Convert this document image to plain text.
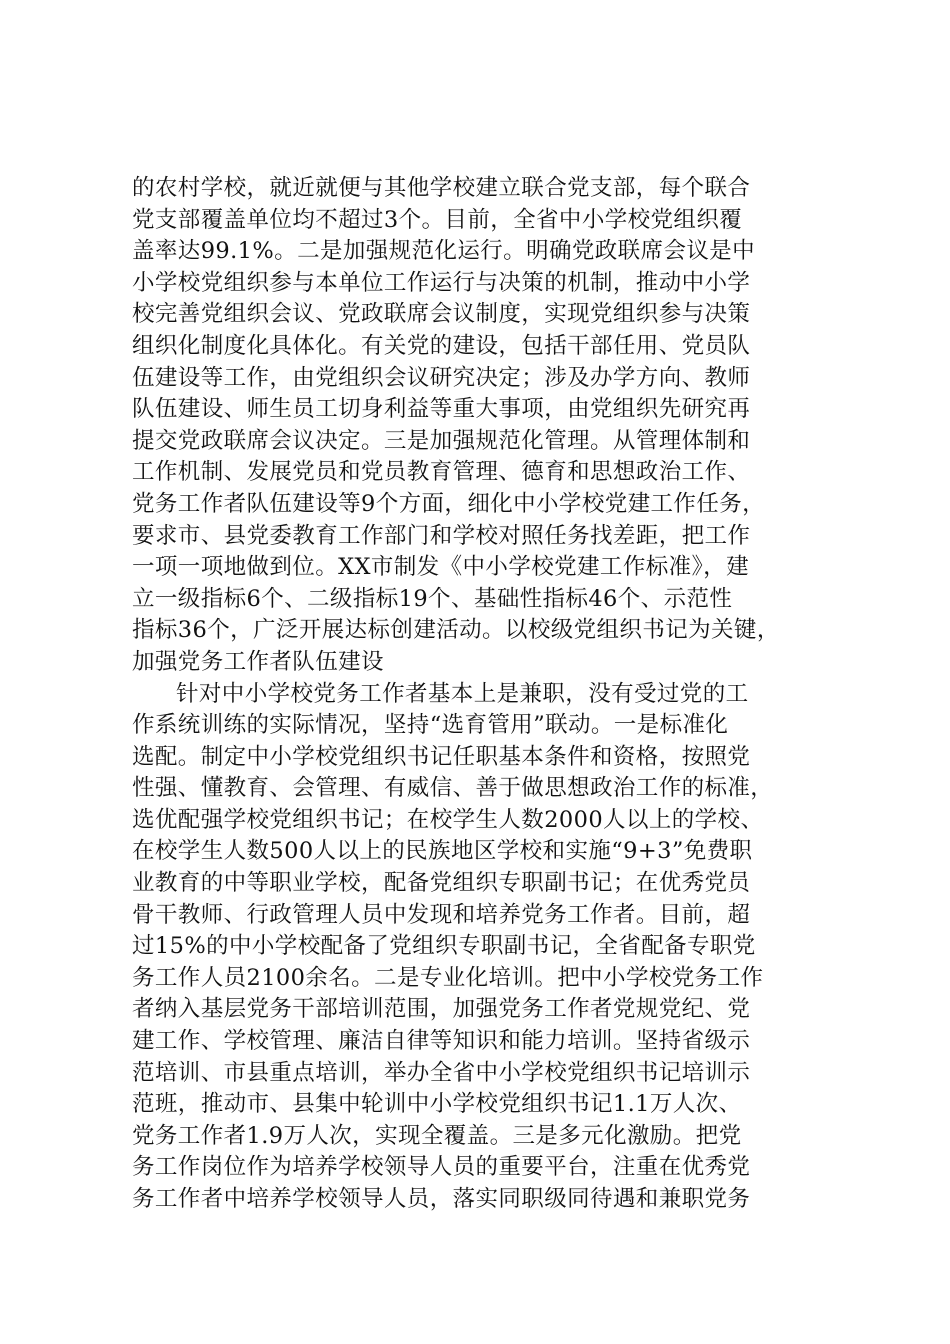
的农村学校，就近就便与其他学校建立联合党支部，每个联合
党支部覆盖单位均不超过3个。目前，全省中小学校党组织覆
盖率达99.1%。二是加强规范化运行。明确党政联席会议是中
小学校党组织参与本单位工作运行与决策的机制，推动中小学
校完善党组织会议、党政联席会议制度，实现党组织参与决策
组织化制度化具体化。有关党的建设，包括干部任用、党员队
伍建设等工作，由党组织会议研究决定；涉及办学方向、教师
队伍建设、师生员工切身利益等重大事项，由党组织先研究再
提交党政联席会议决定。三是加强规范化管理。从管理体制和
工作机制、发展党员和党员教育管理、德育和思想政治工作、
党务工作者队伍建设等9个方面，细化中小学校党建工作任务，
要求市、县党委教育工作部门和学校对照任务找差距，把工作
一项一项地做到位。XX市制发《中小学校党建工作标准》，建
立一级指标6个、二级指标19个、基础性指标46个、示范性
指标36个，广泛开展达标创建活动。以校级党组织书记为关键，
加强党务工作者队伍建设
针对中小学校党务工作者基本上是兼职，没有受过党的工
作系统训练的实际情况，坚持“选育管用”联动。一是标准化
选配。制定中小学校党组织书记任职基本条件和资格，按照党
性强、懂教育、会管理、有威信、善于做思想政治工作的标准，
选优配强学校党组织书记；在校学生人数2000人以上的学校、
在校学生人数500人以上的民族地区学校和实施“9+3”免费职
业教育的中等职业学校，配备党组织专职副书记；在优秀党员
骨干教师、行政管理人员中发现和培养党务工作者。目前，超
过15%的中小学校配备了党组织专职副书记，全省配备专职党
务工作人员2100余名。二是专业化培训。把中小学校党务工作
者纳入基层党务干部培训范围，加强党务工作者党规党纪、党
建工作、学校管理、廉洁自律等知识和能力培训。坚持省级示
范培训、市县重点培训，举办全省中小学校党组织书记培训示
范班，推动市、县集中轮训中小学校党组织书记1.1万人次、
党务工作者1.9万人次，实现全覆盖。三是多元化激励。把党
务工作岗位作为培养学校领导人员的重要平台，注重在优秀党
务工作者中培养学校领导人员，落实同职级同待遇和兼职党务
